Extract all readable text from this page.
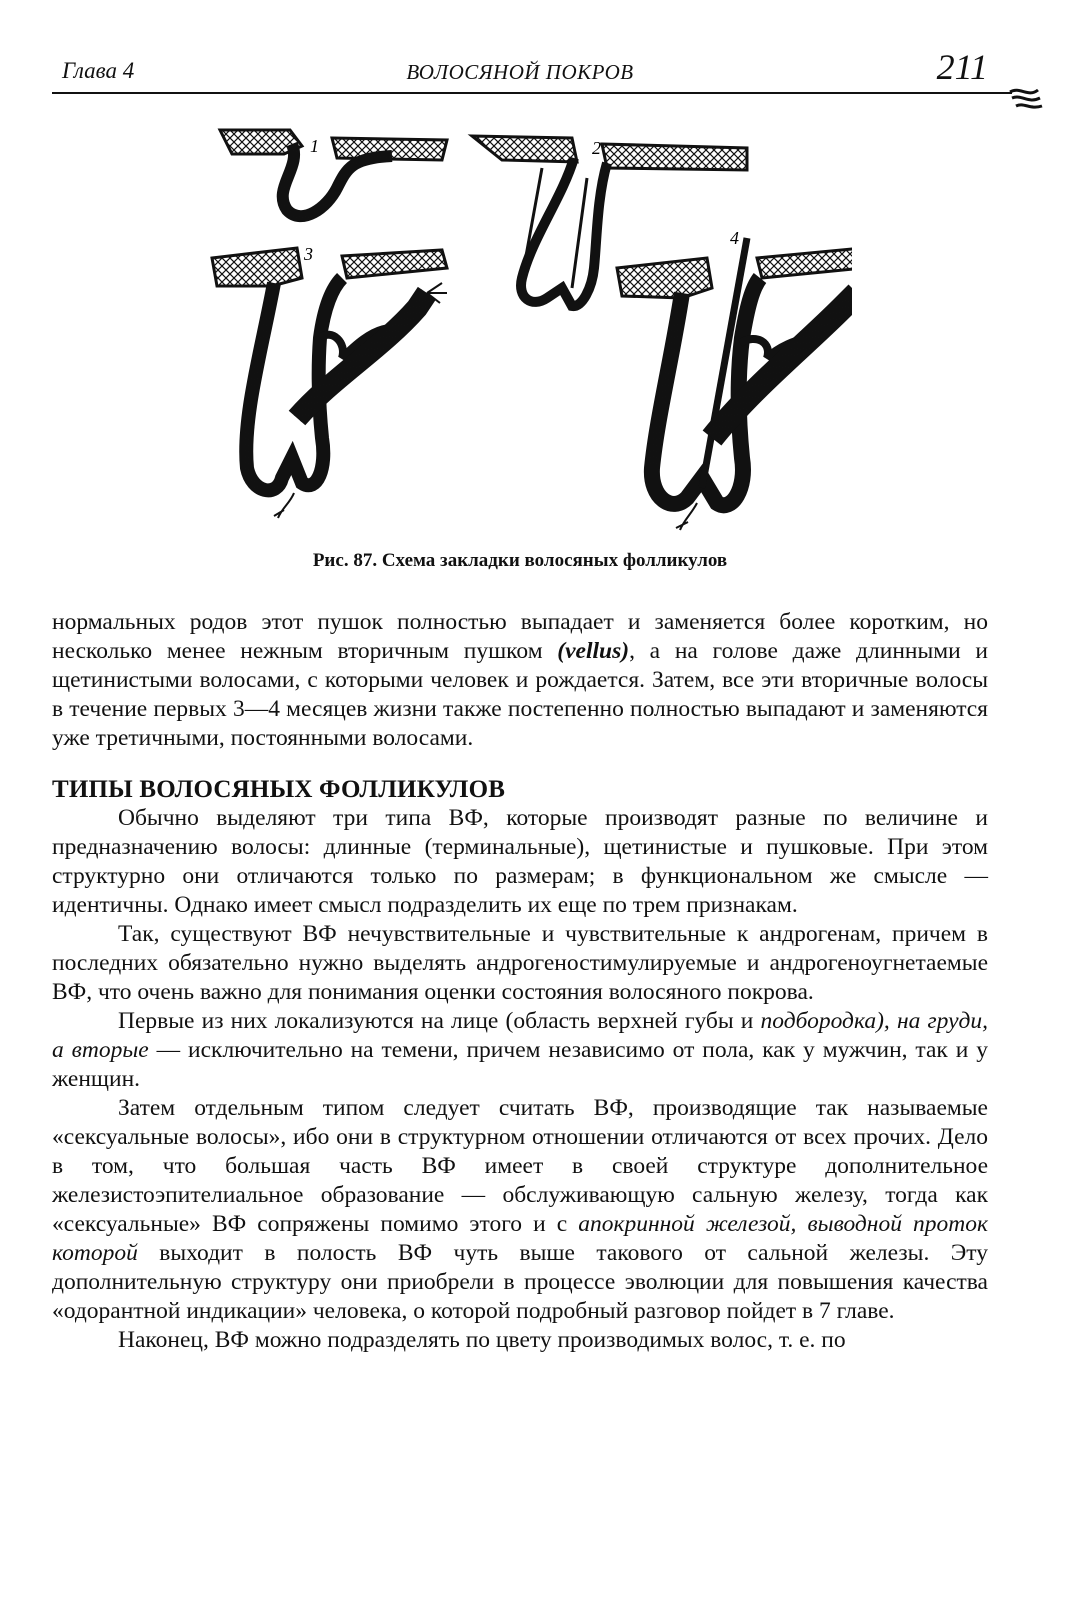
Глава 4	ВОЛОСЯНОЙ ПОКРОВ	211
1	2
3
4
Рис. 87. Схема закладки волосяных фолликулов

нормальных родов этот пушок полностью выпадает и заменяется более коротким, но несколько менее нежным вторичным пушком (vellus), а на голове даже длинными и щетинистыми волосами, с которыми человек и рождается. Затем, все эти вторичные волосы в течение первых 3—4 месяцев жизни также постепенно полностью выпадают и заменяются уже третичными, постоянными волосами.

ТИПЫ ВОЛОСЯНЫХ ФОЛЛИКУЛОВ

Обычно выделяют три типа ВФ, которые производят разные по величине и предназначению волосы: длинные (терминальные), щетинистые и пушковые. При этом структурно они отличаются только по размерам; в функциональном же смысле — идентичны. Однако имеет смысл подразделить их еще по трем признакам.

Так, существуют ВФ нечувствительные и чувствительные к андрогенам, причем в последних обязательно нужно выделять андрогеностимулируемые и андрогеноугнетаемые ВФ, что очень важно для понимания оценки состояния волосяного покрова.

Первые из них локализуются на лице (область верхней губы и подбородка), на груди, а вторые — исключительно на темени, причем независимо от пола, как у мужчин, так и у женщин.

Затем отдельным типом следует считать ВФ, производящие так называемые «сексуальные волосы», ибо они в структурном отношении отличаются от всех прочих. Дело в том, что большая часть ВФ имеет в своей структуре дополнительное железистоэпителиальное образование — обслуживающую сальную железу, тогда как «сексуальные» ВФ сопряжены помимо этого и с апокринной железой, выводной проток которой выходит в полость ВФ чуть выше такового от сальной железы. Эту дополнительную структуру они приобрели в процессе эволюции для повышения качества «одорантной индикации» человека, о которой подробный разговор пойдет в 7 главе.

Наконец, ВФ можно подразделять по цвету производимых волос, т. е. по
